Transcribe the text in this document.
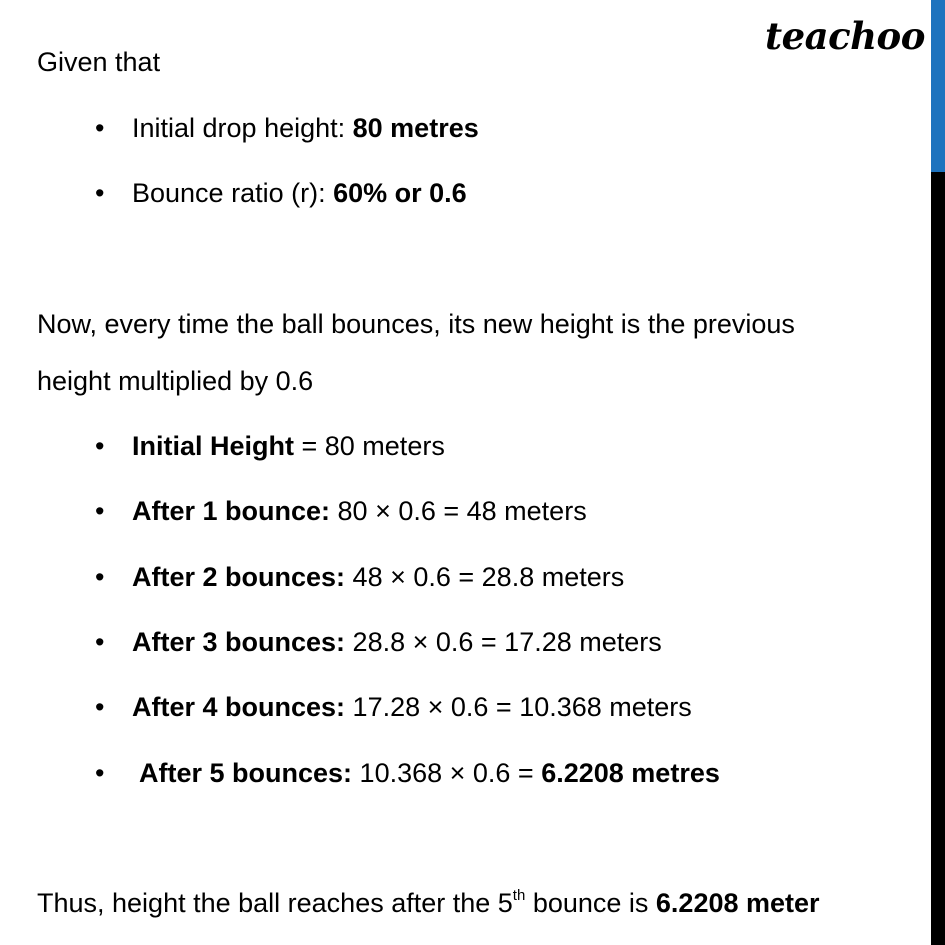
teachoo
Given that
• Initial drop height: 80 metres
• Bounce ratio (r): 60% or 0.6
Now, every time the ball bounces, its new height is the previous
height multiplied by 0.6
• Initial Height = 80 meters
• After 1 bounce: 80 × 0.6 = 48 meters
• After 2 bounces: 48 × 0.6 = 28.8 meters
• After 3 bounces: 28.8 × 0.6 = 17.28 meters
• After 4 bounces: 17.28 × 0.6 = 10.368 meters
• After 5 bounces: 10.368 × 0.6 = 6.2208 metres
Thus, height the ball reaches after the 5th bounce is 6.2208 meter
